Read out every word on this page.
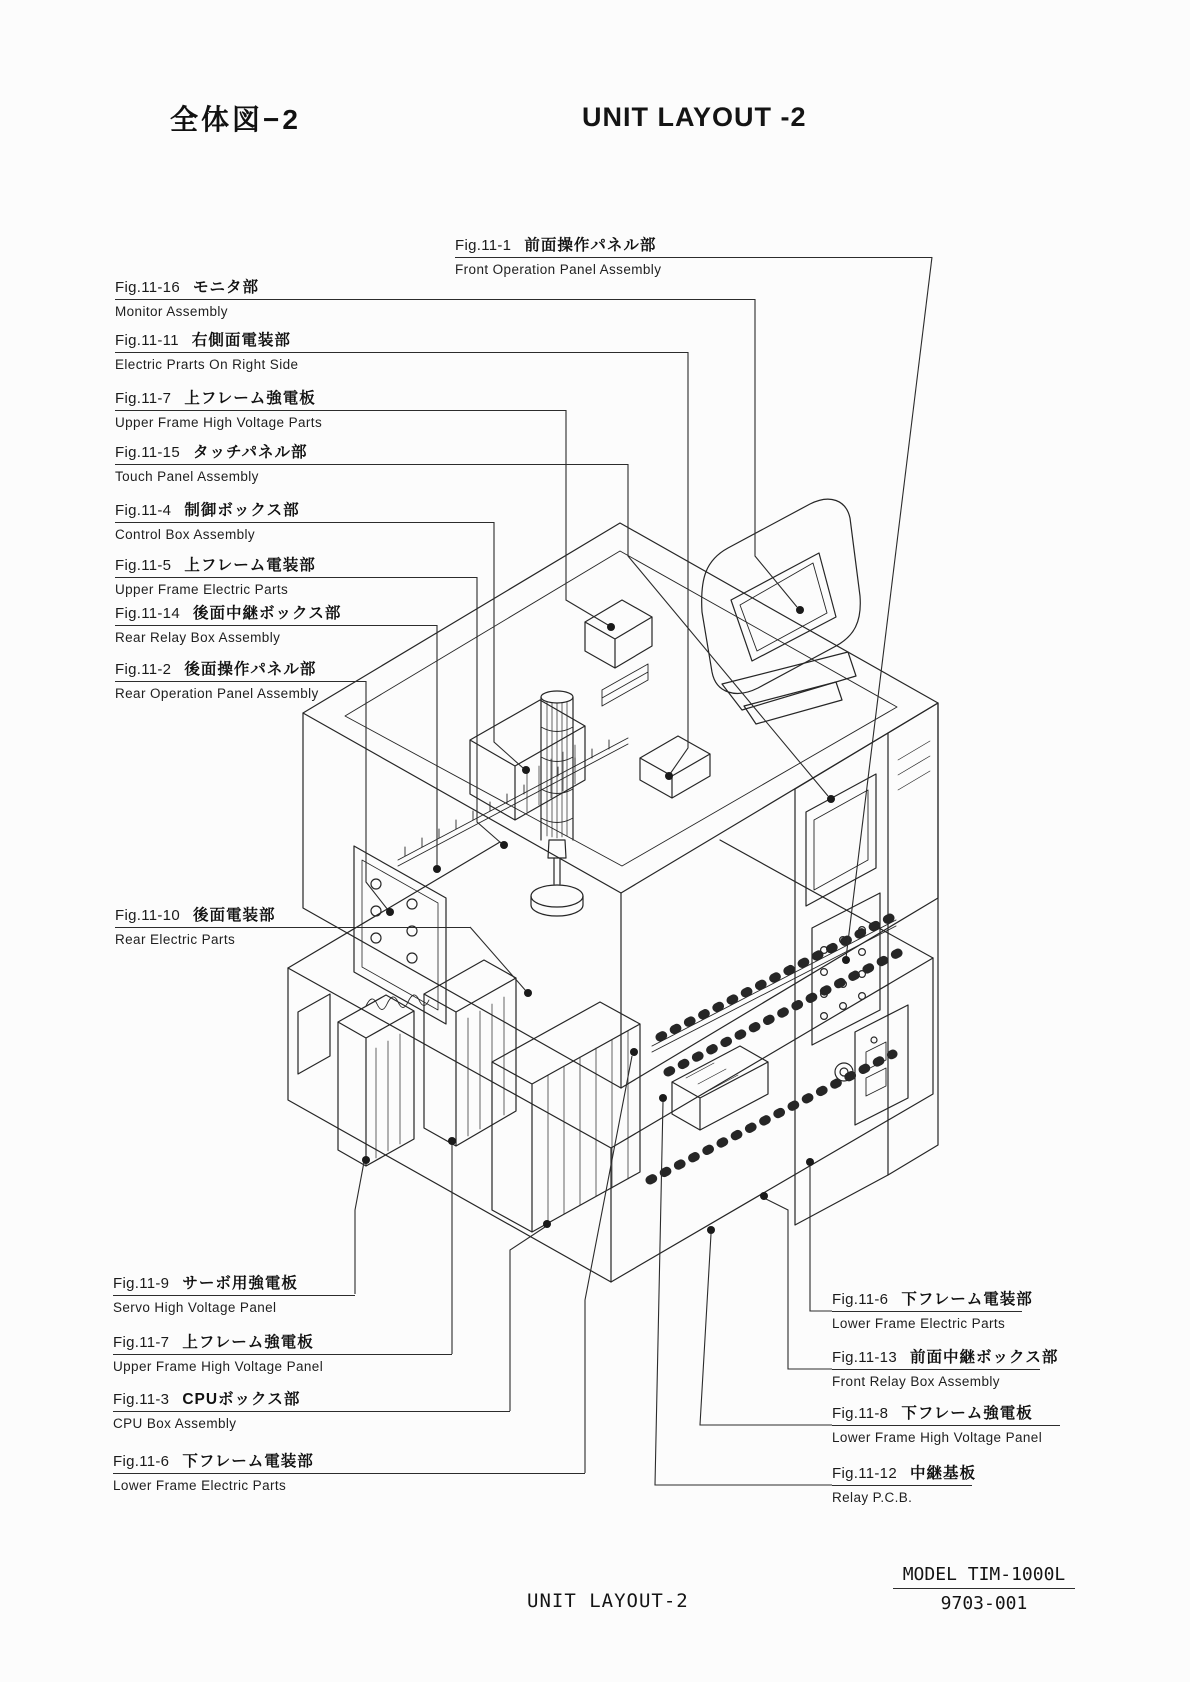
全体図−2	UNIT LAYOUT -2
Fig.11-1 前面操作パネル部
Front Operation Panel Assembly
Fig.11-16 モニタ部
Monitor Assembly
Fig.11-11 右側面電装部
Electric Prarts On Right Side
Fig.11-7 上フレーム強電板
Upper Frame High Voltage Parts
Fig.11-15 タッチパネル部
Touch Panel Assembly
Fig.11-4 制御ボックス部
Control Box Assembly
Fig.11-5 上フレーム電装部
Upper Frame Electric Parts
Fig.11-14 後面中継ボックス部
Rear Relay Box Assembly
Fig.11-2 後面操作パネル部
Rear Operation Panel Assembly
Fig.11-10 後面電装部
Rear Electric Parts
Fig.11-9 サーボ用強電板
Servo High Voltage Panel
Fig.11-7 上フレーム強電板
Upper Frame High Voltage Panel
Fig.11-3 CPUボックス部
CPU Box Assembly
Fig.11-6 下フレーム電装部
Lower Frame Electric Parts
Fig.11-6 下フレーム電装部
Lower Frame Electric Parts
Fig.11-13 前面中継ボックス部
Front Relay Box Assembly
Fig.11-8 下フレーム強電板
Lower Frame High Voltage Panel
Fig.11-12 中継基板
Relay P.C.B.
UNIT LAYOUT-2
MODEL TIM-1000L
9703-001
